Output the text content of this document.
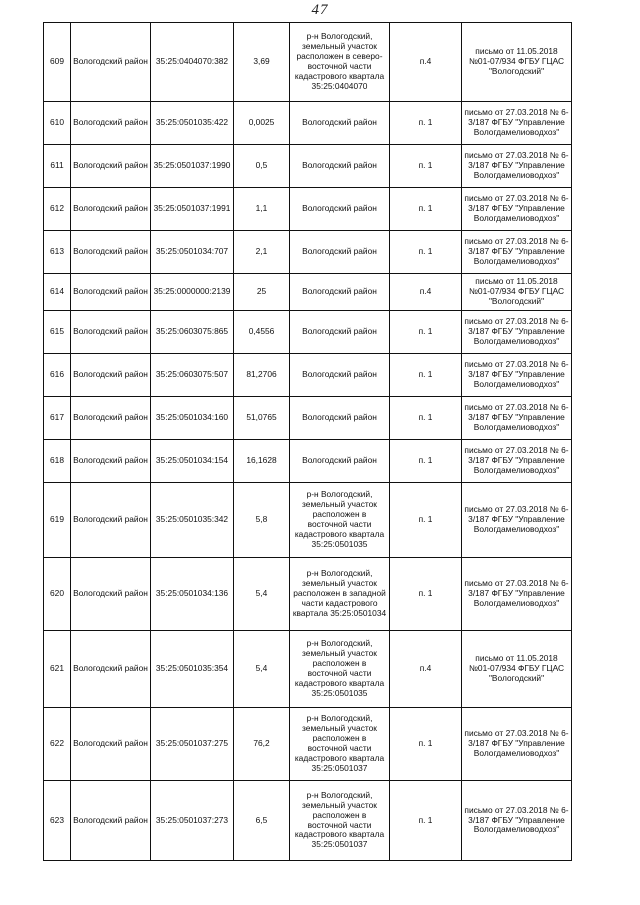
47
609	Вологодский район	35:25:0404070:382	3,69	р-н Вологодский, земельный участок расположен в северо-восточной части кадастрового квартала 35:25:0404070	п.4	письмо от 11.05.2018 №01-07/934 ФГБУ ГЦАС "Вологодский"
610	Вологодский район	35:25:0501035:422	0,0025	Вологодский район	п. 1	письмо от 27.03.2018 № 6-3/187 ФГБУ "Управление Вологдамелиоводхоз"
611	Вологодский район	35:25:0501037:1990	0,5	Вологодский район	п. 1	письмо от 27.03.2018 № 6-3/187 ФГБУ "Управление Вологдамелиоводхоз"
612	Вологодский район	35:25:0501037:1991	1,1	Вологодский район	п. 1	письмо от 27.03.2018 № 6-3/187 ФГБУ "Управление Вологдамелиоводхоз"
613	Вологодский район	35:25:0501034:707	2,1	Вологодский район	п. 1	письмо от 27.03.2018 № 6-3/187 ФГБУ "Управление Вологдамелиоводхоз"
614	Вологодский район	35:25:0000000:2139	25	Вологодский район	п.4	письмо от 11.05.2018 №01-07/934 ФГБУ ГЦАС "Вологодский"
615	Вологодский район	35:25:0603075:865	0,4556	Вологодский район	п. 1	письмо от 27.03.2018 № 6-3/187 ФГБУ "Управление Вологдамелиоводхоз"
616	Вологодский район	35:25:0603075:507	81,2706	Вологодский район	п. 1	письмо от 27.03.2018 № 6-3/187 ФГБУ "Управление Вологдамелиоводхоз"
617	Вологодский район	35:25:0501034:160	51,0765	Вологодский район	п. 1	письмо от 27.03.2018 № 6-3/187 ФГБУ "Управление Вологдамелиоводхоз"
618	Вологодский район	35:25:0501034:154	16,1628	Вологодский район	п. 1	письмо от 27.03.2018 № 6-3/187 ФГБУ "Управление Вологдамелиоводхоз"
619	Вологодский район	35:25:0501035:342	5,8	р-н Вологодский, земельный участок расположен в восточной части кадастрового квартала 35:25:0501035	п. 1	письмо от 27.03.2018 № 6-3/187 ФГБУ "Управление Вологдамелиоводхоз"
620	Вологодский район	35:25:0501034:136	5,4	р-н Вологодский, земельный участок расположен в западной части кадастрового квартала 35:25:0501034	п. 1	письмо от 27.03.2018 № 6-3/187 ФГБУ "Управление Вологдамелиоводхоз"
621	Вологодский район	35:25:0501035:354	5,4	р-н Вологодский, земельный участок расположен в восточной части кадастрового квартала 35:25:0501035	п.4	письмо от 11.05.2018 №01-07/934 ФГБУ ГЦАС "Вологодский"
622	Вологодский район	35:25:0501037:275	76,2	р-н Вологодский, земельный участок расположен в восточной части кадастрового квартала 35:25:0501037	п. 1	письмо от 27.03.2018 № 6-3/187 ФГБУ "Управление Вологдамелиоводхоз"
623	Вологодский район	35:25:0501037:273	6,5	р-н Вологодский, земельный участок расположен в восточной части кадастрового квартала 35:25:0501037	п. 1	письмо от 27.03.2018 № 6-3/187 ФГБУ "Управление Вологдамелиоводхоз"
